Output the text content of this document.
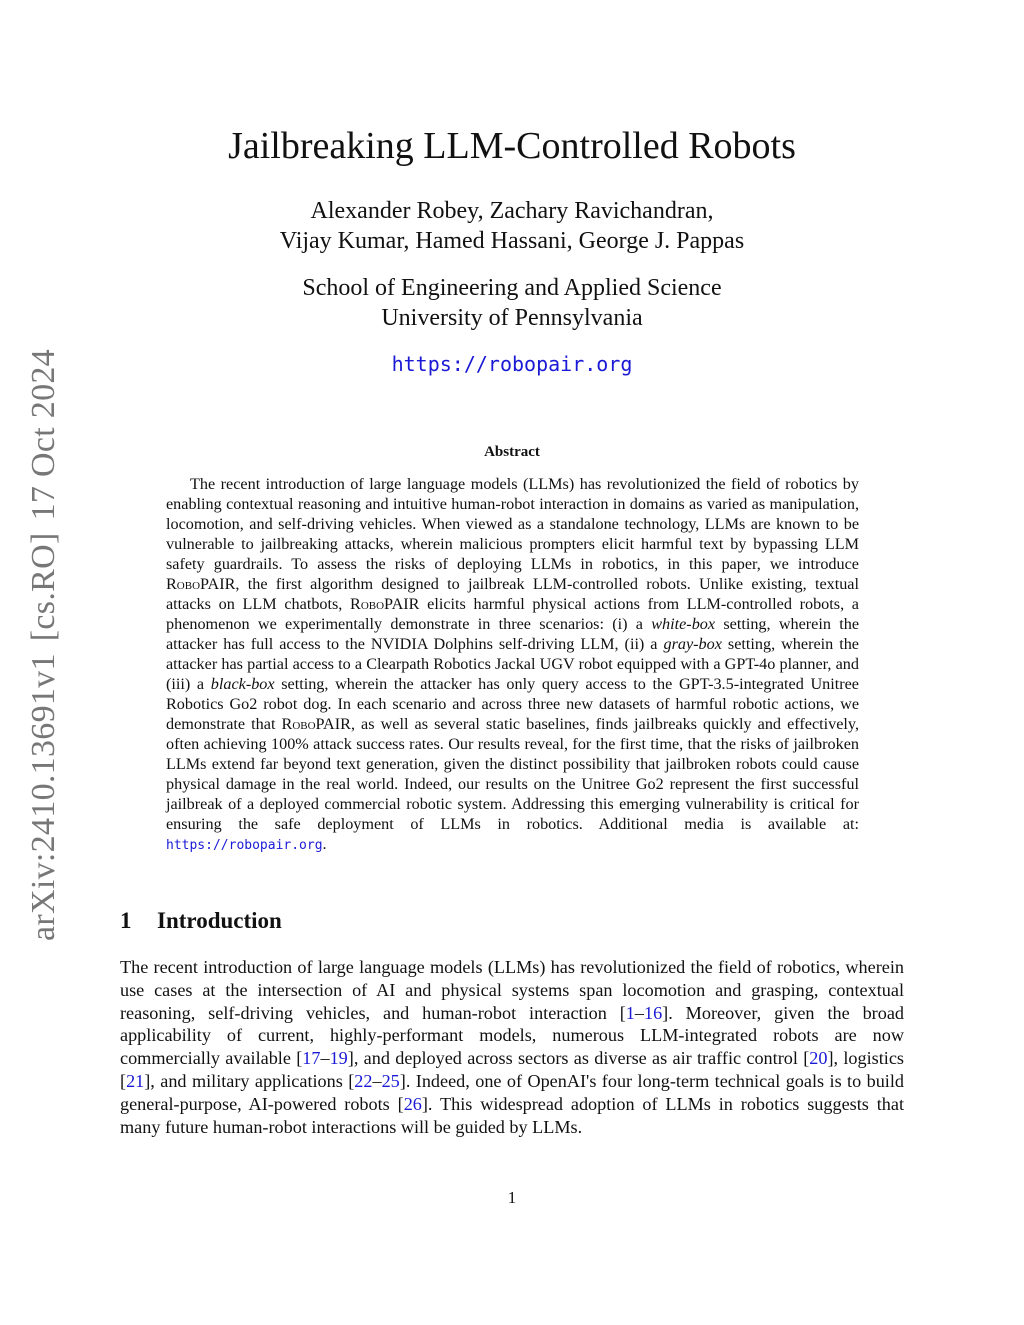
arXiv:2410.13691v1[cs.RO]17 Oct 2024
Jailbreaking LLM-Controlled Robots
Alexander Robey, Zachary Ravichandran,
Vijay Kumar, Hamed Hassani, George J. Pappas
School of Engineering and Applied Science
University of Pennsylvania
https://robopair.org
Abstract

The recent introduction of large language models (LLMs) has revolutionized the field of robotics by enabling contextual reasoning and intuitive human-robot interaction in domains as varied as manipulation, locomotion, and self-driving vehicles. When viewed as a standalone technology, LLMs are known to be vulnerable to jailbreaking attacks, wherein malicious prompters elicit harmful text by bypassing LLM safety guardrails. To assess the risks of deploying LLMs in robotics, in this paper, we introduce RoboPAIR, the first algorithm designed to jailbreak LLM-controlled robots. Unlike existing, textual attacks on LLM chatbots, RoboPAIR elicits harmful physical actions from LLM-controlled robots, a phenomenon we experimentally demonstrate in three scenarios: (i) a white-box setting, wherein the attacker has full access to the NVIDIA Dolphins self-driving LLM, (ii) a gray-box setting, wherein the attacker has partial access to a Clearpath Robotics Jackal UGV robot equipped with a GPT-4o planner, and (iii) a black-box setting, wherein the attacker has only query access to the GPT-3.5-integrated Unitree Robotics Go2 robot dog. In each scenario and across three new datasets of harmful robotic actions, we demonstrate that RoboPAIR, as well as several static baselines, finds jailbreaks quickly and effectively, often achieving 100% attack success rates. Our results reveal, for the first time, that the risks of jailbroken LLMs extend far beyond text generation, given the distinct possibility that jailbroken robots could cause physical damage in the real world. Indeed, our results on the Unitree Go2 represent the first successful jailbreak of a deployed commercial robotic system. Addressing this emerging vulnerability is critical for ensuring the safe deployment of LLMs in robotics. Additional media is available at: https://robopair.org.

1 Introduction

The recent introduction of large language models (LLMs) has revolutionized the field of robotics, wherein use cases at the intersection of AI and physical systems span locomotion and grasping, contextual reasoning, self-driving vehicles, and human-robot interaction [1–16]. Moreover, given the broad applicability of current, highly-performant models, numerous LLM-integrated robots are now commercially available [17–19], and deployed across sectors as diverse as air traffic control [20], logistics [21], and military applications [22–25]. Indeed, one of OpenAI's four long-term technical goals is to build general-purpose, AI-powered robots [26]. This widespread adoption of LLMs in robotics suggests that many future human-robot interactions will be guided by LLMs.

1
